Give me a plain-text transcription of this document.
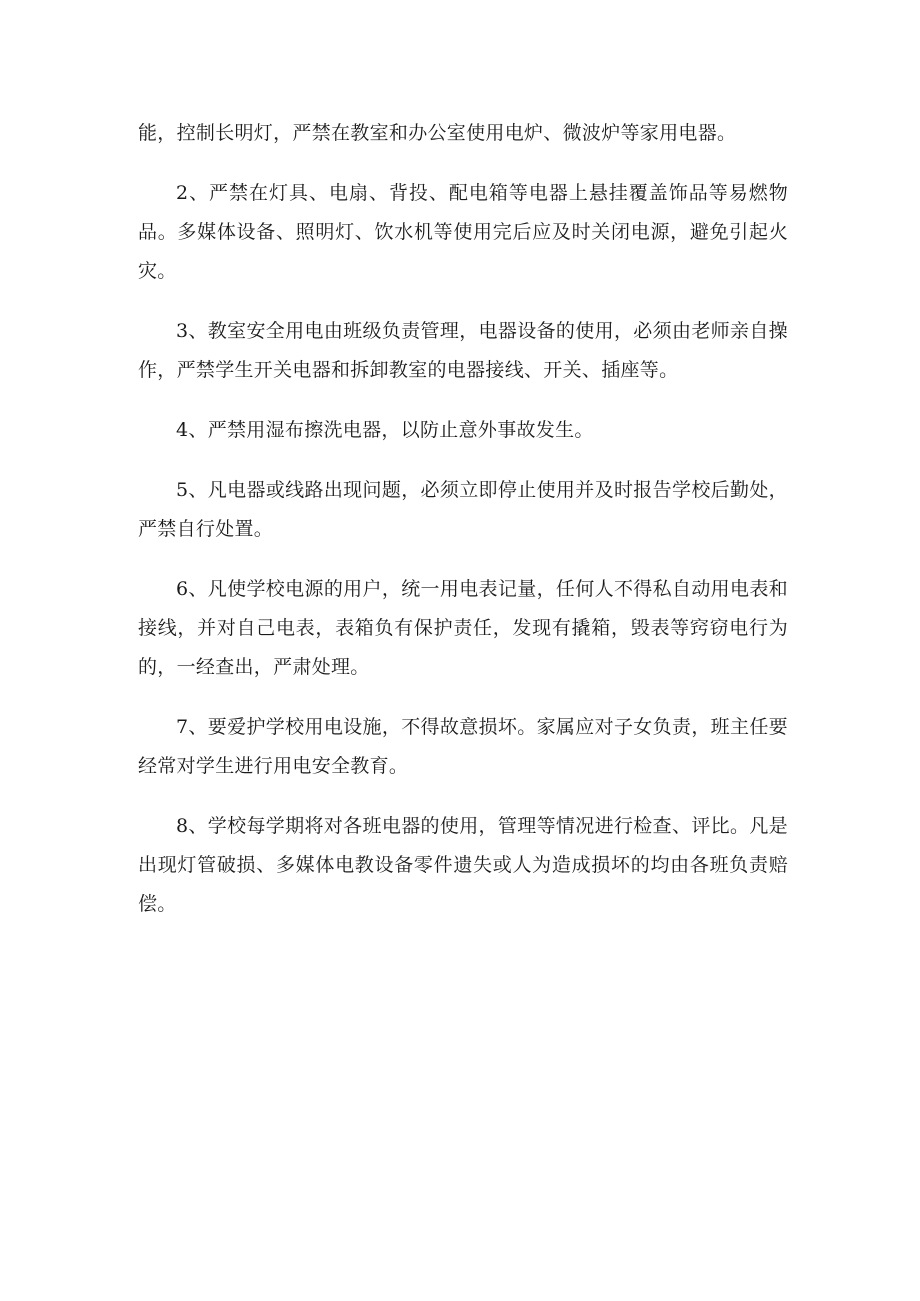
能，控制长明灯，严禁在教室和办公室使用电炉、微波炉等家用电器。

2、严禁在灯具、电扇、背投、配电箱等电器上悬挂覆盖饰品等易燃物品。多媒体设备、照明灯、饮水机等使用完后应及时关闭电源，避免引起火灾。

3、教室安全用电由班级负责管理，电器设备的使用，必须由老师亲自操作，严禁学生开关电器和拆卸教室的电器接线、开关、插座等。

4、严禁用湿布擦洗电器，以防止意外事故发生。

5、凡电器或线路出现问题，必须立即停止使用并及时报告学校后勤处，严禁自行处置。

6、凡使学校电源的用户，统一用电表记量，任何人不得私自动用电表和接线，并对自己电表，表箱负有保护责任，发现有撬箱，毁表等窍窃电行为的，一经查出，严肃处理。

7、要爱护学校用电设施，不得故意损坏。家属应对子女负责，班主任要经常对学生进行用电安全教育。

8、学校每学期将对各班电器的使用，管理等情况进行检查、评比。凡是出现灯管破损、多媒体电教设备零件遗失或人为造成损坏的均由各班负责赔偿。
